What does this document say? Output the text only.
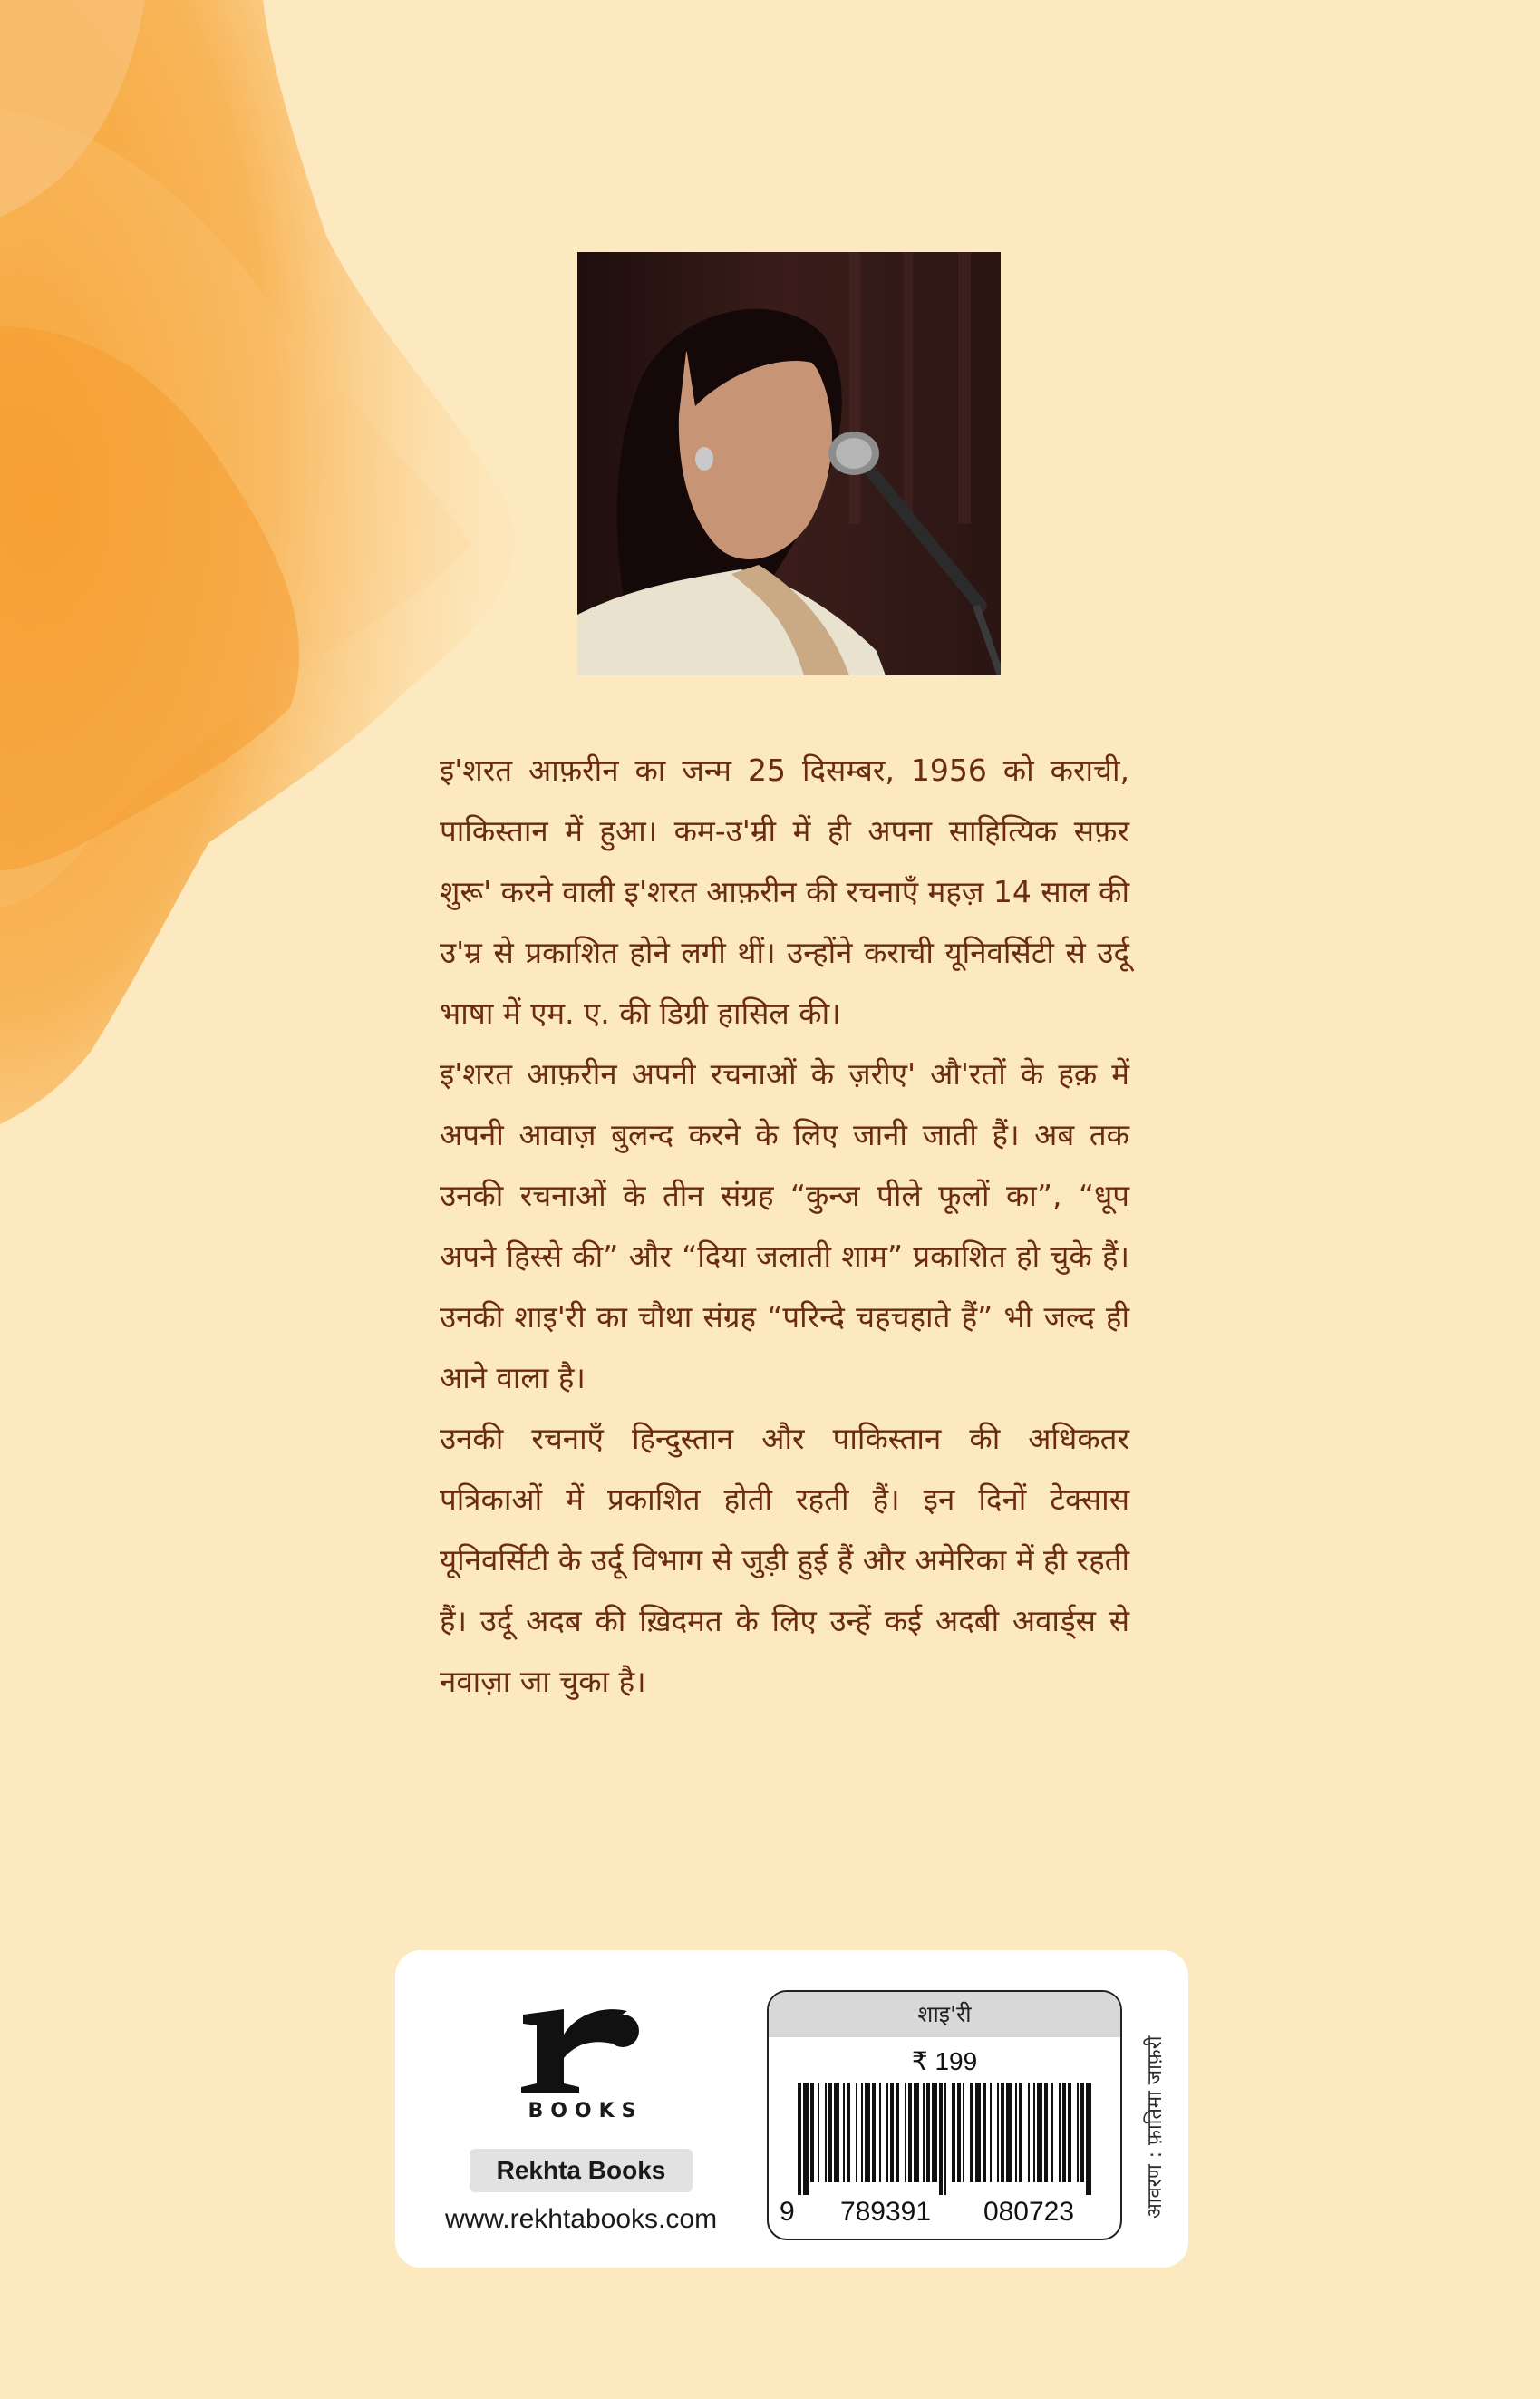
इ'शरत आफ़रीन का जन्म 25 दिसम्बर, 1956 को कराची, पाकिस्तान में हुआ। कम-उ'म्री में ही अपना साहित्यिक सफ़र शुरू' करने वाली इ'शरत आफ़रीन की रचनाएँ महज़ 14 साल की उ'म्र से प्रकाशित होने लगी थीं। उन्होंने कराची यूनिवर्सिटी से उर्दू भाषा में एम. ए. की डिग्री हासिल की।

इ'शरत आफ़रीन अपनी रचनाओं के ज़रीए' औ'रतों के हक़ में अपनी आवाज़ बुलन्द करने के लिए जानी जाती हैं। अब तक उनकी रचनाओं के तीन संग्रह “कुन्ज पीले फूलों का”, “धूप अपने हिस्से की” और “दिया जलाती शाम” प्रकाशित हो चुके हैं। उनकी शाइ'री का चौथा संग्रह “परिन्दे चहचहाते हैं” भी जल्द ही आने वाला है।

उनकी रचनाएँ हिन्दुस्तान और पाकिस्तान की अधिकतर पत्रिकाओं में प्रकाशित होती रहती हैं। इन दिनों टेक्सास यूनिवर्सिटी के उर्दू विभाग से जुड़ी हुई हैं और अमेरिका में ही रहती हैं। उर्दू अदब की ख़िदमत के लिए उन्हें कई अदबी अवार्ड्स से नवाज़ा जा चुका है।

BOOKS
Rekhta Books
www.rekhtabooks.com
शाइ'री
₹ 199
9	789391	080723	आवरण : फ़ातिमा जाफ़री
